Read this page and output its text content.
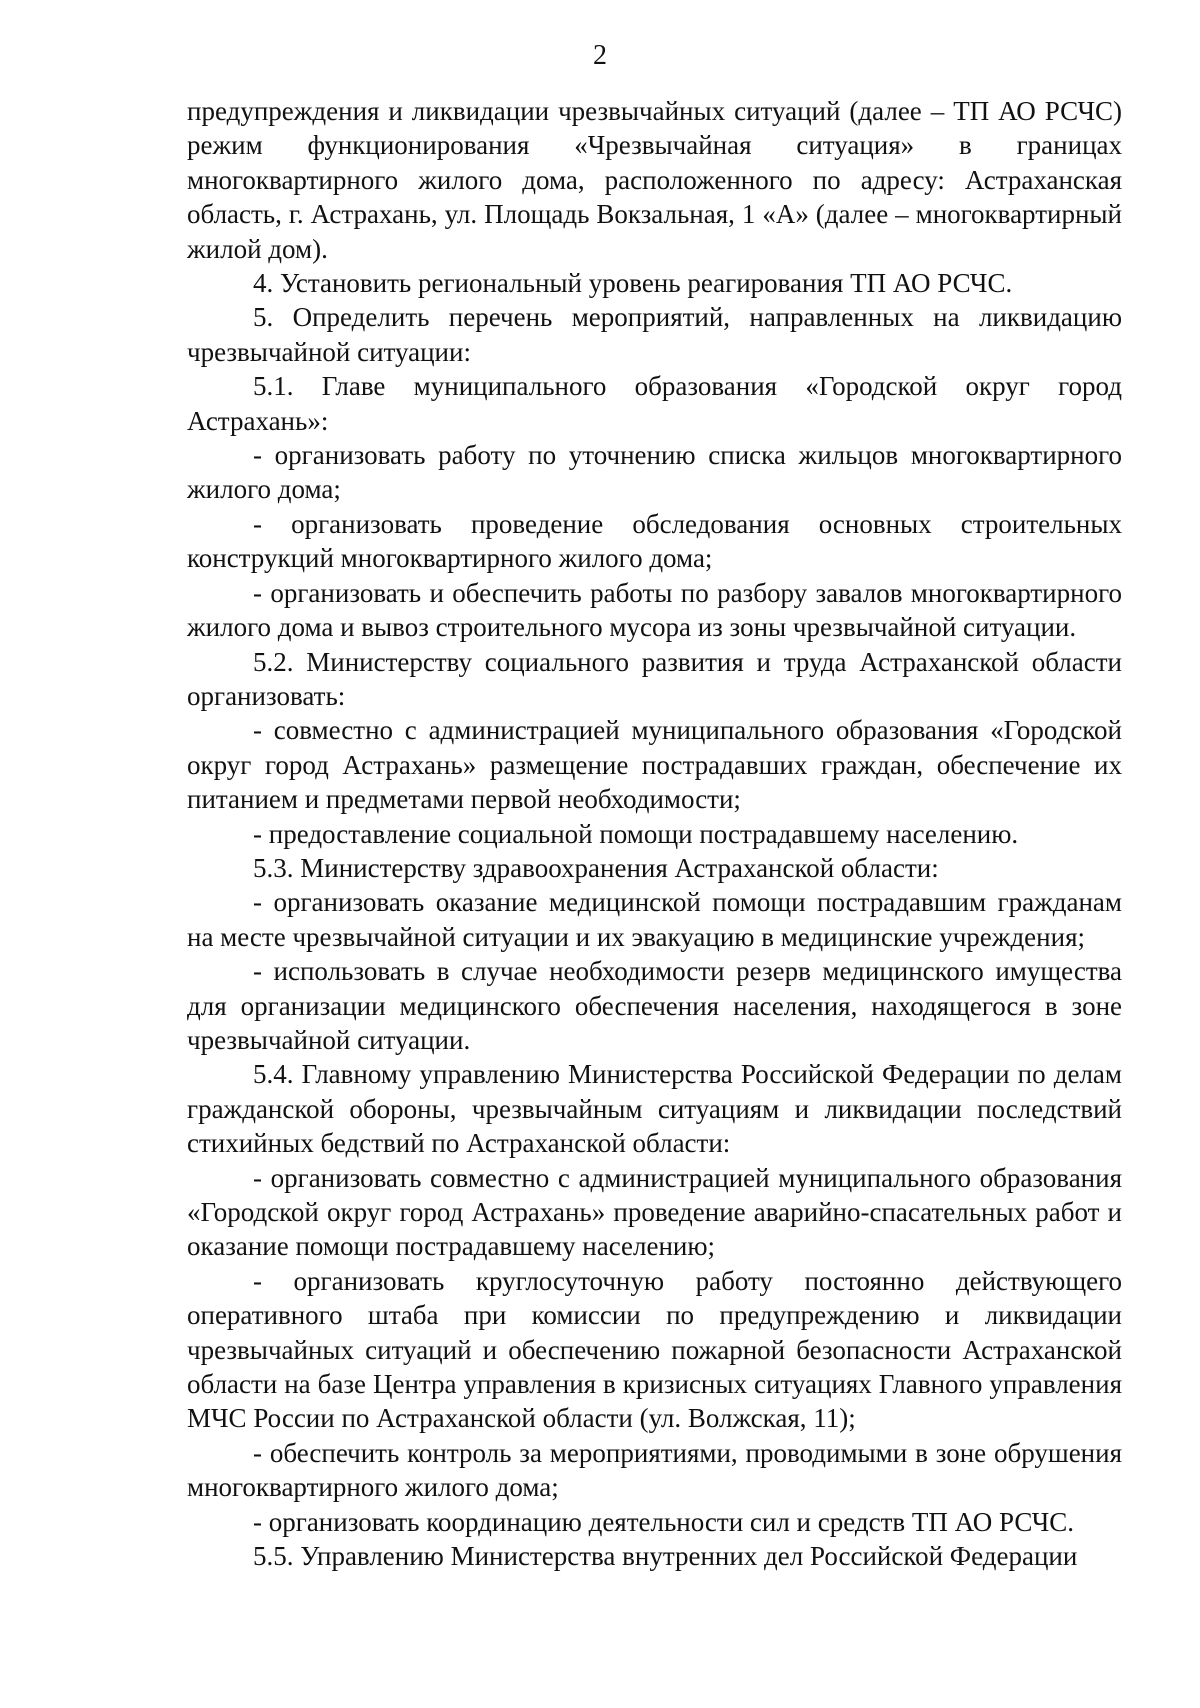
2

предупреждения и ликвидации чрезвычайных ситуаций (далее – ТП АО РСЧС) режим функционирования «Чрезвычайная ситуация» в границах многоквартирного жилого дома, расположенного по адресу: Астраханская область, г. Астрахань, ул. Площадь Вокзальная, 1 «А» (далее – многоквартирный жилой дом).

4. Установить региональный уровень реагирования ТП АО РСЧС.

5. Определить перечень мероприятий, направленных на ликвидацию чрезвычайной ситуации:

5.1. Главе муниципального образования «Городской округ город Астрахань»:

- организовать работу по уточнению списка жильцов многоквартирного жилого дома;

- организовать проведение обследования основных строительных конструкций многоквартирного жилого дома;

- организовать и обеспечить работы по разбору завалов многоквартирного жилого дома и вывоз строительного мусора из зоны чрезвычайной ситуации.

5.2. Министерству социального развития и труда Астраханской области организовать:

- совместно с администрацией муниципального образования «Городской округ город Астрахань» размещение пострадавших граждан, обеспечение их питанием и предметами первой необходимости;

- предоставление социальной помощи пострадавшему населению.

5.3. Министерству здравоохранения Астраханской области:

- организовать оказание медицинской помощи пострадавшим гражданам на месте чрезвычайной ситуации и их эвакуацию в медицинские учреждения;

- использовать в случае необходимости резерв медицинского имущества для организации медицинского обеспечения населения, находящегося в зоне чрезвычайной ситуации.

5.4. Главному управлению Министерства Российской Федерации по делам гражданской обороны, чрезвычайным ситуациям и ликвидации последствий стихийных бедствий по Астраханской области:

- организовать совместно с администрацией муниципального образования «Городской округ город Астрахань» проведение аварийно-спасательных работ и оказание помощи пострадавшему населению;

- организовать круглосуточную работу постоянно действующего оперативного штаба при комиссии по предупреждению и ликвидации чрезвычайных ситуаций и обеспечению пожарной безопасности Астраханской области на базе Центра управления в кризисных ситуациях Главного управления МЧС России по Астраханской области (ул. Волжская, 11);

- обеспечить контроль за мероприятиями, проводимыми в зоне обрушения многоквартирного жилого дома;

- организовать координацию деятельности сил и средств ТП АО РСЧС.

5.5. Управлению Министерства внутренних дел Российской Федерации
